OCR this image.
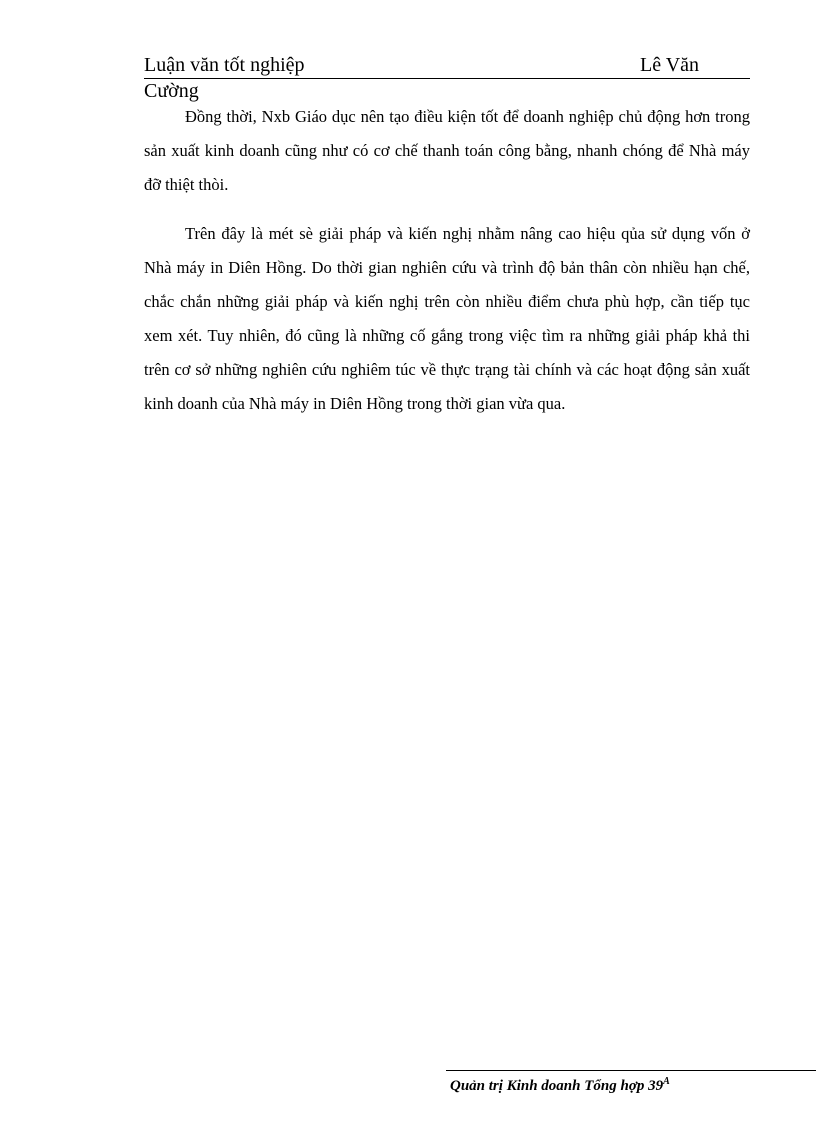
Luận văn tốt nghiệp	Lê Văn
Cường

Đồng thời, Nxb Giáo dục nên tạo điều kiện tốt để doanh nghiệp chủ động hơn trong sản xuất kinh doanh cũng như có cơ chế thanh toán công bằng, nhanh chóng để Nhà máy đỡ thiệt thòi.

Trên đây là mét sè giải pháp và kiến nghị nhằm nâng cao hiệu qủa sử dụng vốn ở Nhà máy in Diên Hồng. Do thời gian nghiên cứu và trình độ bản thân còn nhiều hạn chế, chắc chắn những giải pháp và kiến nghị trên còn nhiều điểm chưa phù hợp, cần tiếp tục xem xét. Tuy nhiên, đó cũng là những cố gắng trong việc tìm ra những giải pháp khả thi trên cơ sở những nghiên cứu nghiêm túc về thực trạng tài chính và các hoạt động sản xuất kinh doanh của Nhà máy in Diên Hồng trong thời gian vừa qua.

Quản trị Kinh doanh Tổng hợp $39^A$
